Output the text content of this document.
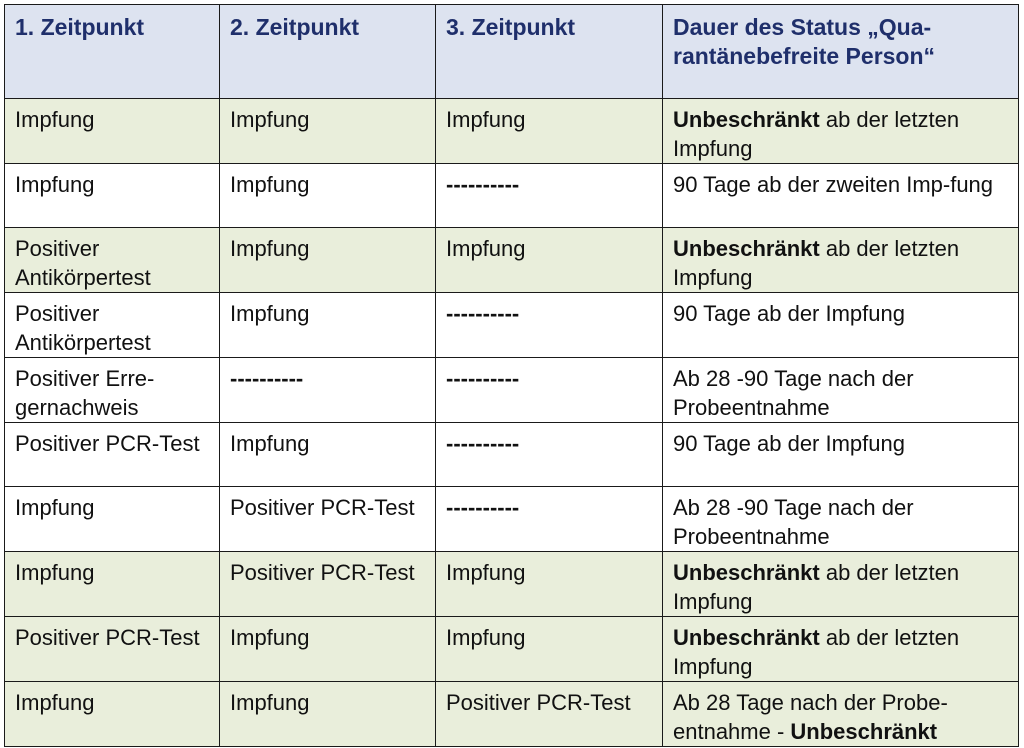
1. Zeitpunkt	2. Zeitpunkt	3. Zeitpunkt	Dauer des Status „Qua-rantänebefreite Person“
Impfung	Impfung	Impfung	Unbeschränkt ab der letzten Impfung
Impfung	Impfung	----------	90 Tage ab der zweiten Imp-fung
Positiver Antikörpertest	Impfung	Impfung	Unbeschränkt ab der letzten Impfung
Positiver Antikörpertest	Impfung	----------	90 Tage ab der Impfung
Positiver Erre-gernachweis	----------	----------	Ab 28 -90 Tage nach der Probeentnahme
Positiver PCR-Test	Impfung	----------	90 Tage ab der Impfung
Impfung	Positiver PCR-Test	----------	Ab 28 -90 Tage nach der Probeentnahme
Impfung	Positiver PCR-Test	Impfung	Unbeschränkt ab der letzten Impfung
Positiver PCR-Test	Impfung	Impfung	Unbeschränkt ab der letzten Impfung
Impfung	Impfung	Positiver PCR-Test	Ab 28 Tage nach der Probe-entnahme - Unbeschränkt
